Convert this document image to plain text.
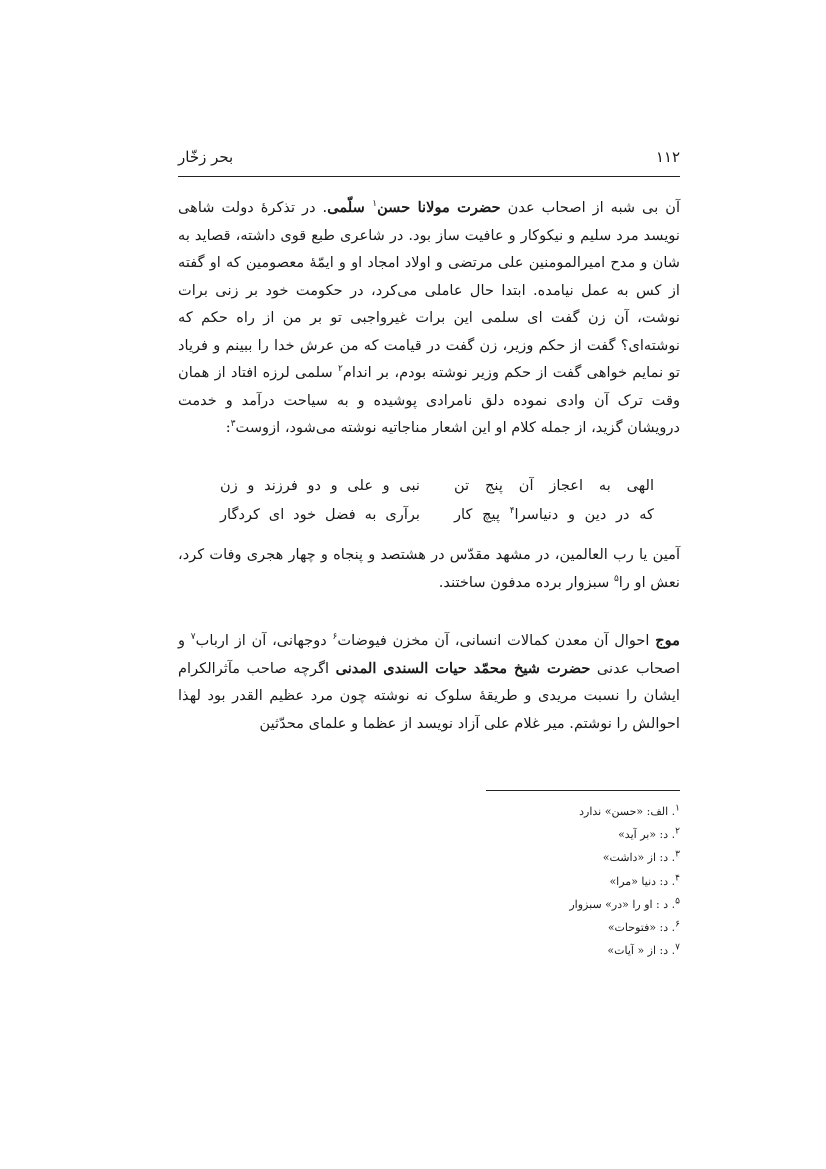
۱۱۲
بحر زخّار

آن بی شبه از اصحاب عدن حضرت مولانا حسن$^۱$ سلّمی. در تذکرهٔ دولت شاهی نویسد مرد سلیم و نیکوکار و عافیت ساز بود. در شاعری طبع قوی داشته، قصاید به شان و مدح امیرالمومنین علی مرتضی و اولاد امجاد او و ایمّهٔ معصومین که او گفته از کس به عمل نیامده. ابتدا حال عاملی می‌کرد، در حکومت خود بر زنی برات نوشت، آن زن گفت ای سلمی این برات غیرواجبی تو بر من از راه حکم که نوشته‌ای؟ گفت از حکم وزیر، زن گفت در قیامت که من عرش خدا را ببینم و فریاد تو نمایم خواهی گفت از حکم وزیر نوشته بودم، بر اندام$^۲$ سلمی لرزه افتاد از همان وقت ترک آن وادی نموده دلق نامرادی پوشیده و به سیاحت درآمد و خدمت درویشان گزید، از جمله کلام او این اشعار مناجاتیه نوشته می‌شود، ازوست$^۳$:

الهی به اعجاز آن پنج تن
نبی و علی و دو فرزند و زن
که در دین و دنیاسرا$^۴$ پیچ کار
برآری به فضل خود ای کردگار

آمین یا رب العالمین، در مشهد مقدّس در هشتصد و پنجاه و چهار هجری وفات کرد، نعش او را$^۵$ سبزوار برده مدفون ساختند.

موج احوال آن معدن کمالات انسانی، آن مخزن فیوضات$^۶$ دوجهانی، آن از ارباب$^۷$ و اصحاب عدنی حضرت شیخ محمّد حیات السندی المدنی اگرچه صاحب مآثرالکرام ایشان را نسبت مریدی و طریقهٔ سلوک نه نوشته چون مرد عظیم القدر بود لهذا احوالش را نوشتم. میر غلام علی آزاد نویسد از عظما و علمای محدّثین

$^۱$. الف: «حسن» ندارد
$^۲$. د: «بر آید»
$^۳$. د: از «داشت»
$^۴$. د: دنیا «مرا»
$^۵$. د : او را «در» سبزوار
$^۶$. د: «فتوحات»
$^۷$. د: از « آیات»
